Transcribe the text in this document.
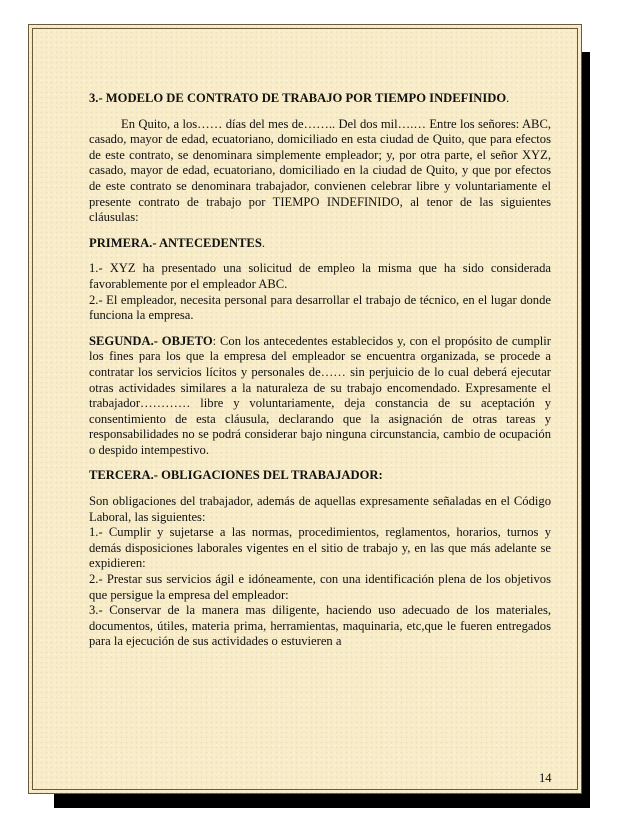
3.- MODELO DE CONTRATO DE TRABAJO POR TIEMPO INDEFINIDO.

En Quito, a los…… días del mes de…….. Del dos mil….… Entre los señores: ABC, casado, mayor de edad, ecuatoriano, domiciliado en esta ciudad de Quito, que para efectos de este contrato, se denominara simplemente empleador; y, por otra parte, el señor XYZ, casado, mayor de edad, ecuatoriano, domiciliado en la ciudad de Quito, y que por efectos de este contrato se denominara trabajador, convienen celebrar libre y voluntariamente el presente contrato de trabajo por TIEMPO INDEFINIDO, al tenor de las siguientes cláusulas:

PRIMERA.- ANTECEDENTES.

1.- XYZ ha presentado una solicitud de empleo la misma que ha sido considerada favorablemente por el empleador ABC.

2.- El empleador, necesita personal para desarrollar el trabajo de técnico, en el lugar donde funciona la empresa.

SEGUNDA.- OBJETO: Con los antecedentes establecidos y, con el propósito de cumplir los fines para los que la empresa del empleador se encuentra organizada, se procede a contratar los servicios lícitos y personales de…… sin perjuicio de lo cual deberá ejecutar otras actividades similares a la naturaleza de su trabajo encomendado. Expresamente el trabajador………… libre y voluntariamente, deja constancia de su aceptación y consentimiento de esta cláusula, declarando que la asignación de otras tareas y responsabilidades no se podrá considerar bajo ninguna circunstancia, cambio de ocupación o despido intempestivo.

TERCERA.- OBLIGACIONES DEL TRABAJADOR:

Son obligaciones del trabajador, además de aquellas expresamente señaladas en el Código Laboral, las siguientes:

1.- Cumplir y sujetarse a las normas, procedimientos, reglamentos, horarios, turnos y demás disposiciones laborales vigentes en el sitio de trabajo y, en las que más adelante se expidieren:

2.- Prestar sus servicios ágil e idóneamente, con una identificación plena de los objetivos que persigue la empresa del empleador:

3.- Conservar de la manera mas diligente, haciendo uso adecuado de los materiales, documentos, útiles, materia prima, herramientas, maquinaria, etc,que le fueren entregados para la ejecución de sus actividades o estuvieren a

14
